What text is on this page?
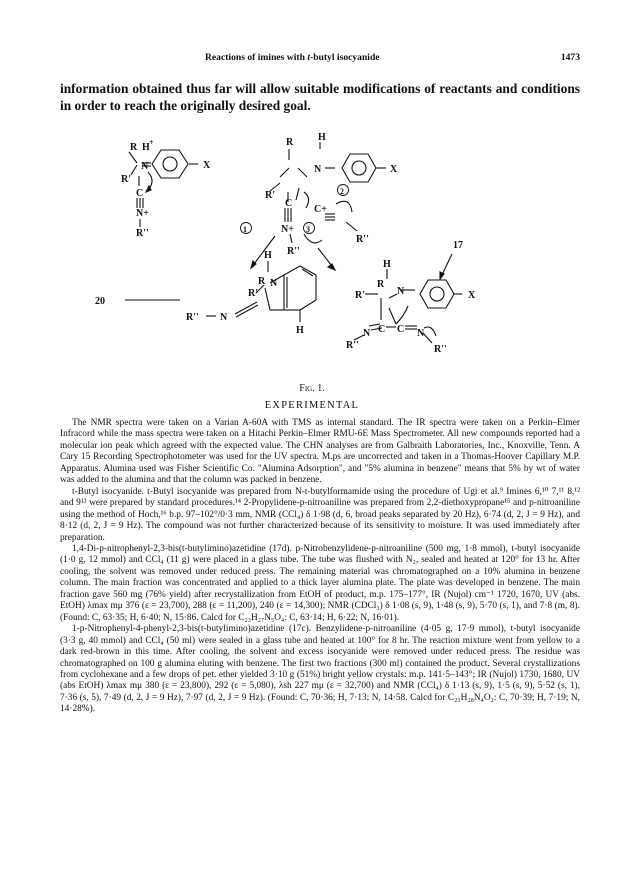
Reactions of imines with t-butyl isocyanide	1473
information obtained thus far will allow suitable modifications of reactants and conditions in order to reach the originally desired goal.
R H +
N
R'
X
C
N+
R''
R H
N
R'
X
C
N+
R''
C+
R''
2
1	3
17
20
H
R
R'
N
R'' N
H
H
R
R'	N	X
C C
N
R''
N
R''
Fig. 1.
EXPERIMENTAL

The NMR spectra were taken on a Varian A-60A with TMS as internal standard. The IR spectra were taken on a Perkin–Elmer Infracord while the mass spectra were taken on a Hitachi Perkin–Elmer RMU-6E Mass Spectrometer. All new compounds reported had a molecular ion peak which agreed with the expected value. The CHN analyses are from Galbraith Laboratories, Inc., Knoxville, Tenn. A Cary 15 Recording Spectrophotometer was used for the UV spectra. M.ps are uncorrected and taken in a Thomas-Hoover Capillary M.P. Apparatus. Alumina used was Fisher Scientific Co. "Alumina Adsorption", and "5% alumina in benzene" means that 5% by wt of water was added to the alumina and that the column was packed in benzene.

t-Butyl isocyanide. t-Butyl isocyanide was prepared from N-t-butylformamide using the procedure of Ugi et al.⁹ Imines 6,¹⁰ 7,¹¹ 8,¹² and 9¹³ were prepared by standard procedures.¹⁴ 2-Propylidene-p-nitroaniline was prepared from 2,2-diethoxypropane¹⁵ and p-nitroaniline using the method of Hoch,¹⁶ b.p. 97–102°/0·3 mm, NMR (CCl₄) δ 1·98 (d, 6, broad peaks separated by 20 Hz), 6·74 (d, 2, J = 9 Hz), and 8·12 (d, 2, J = 9 Hz). The compound was not further characterized because of its sensitivity to moisture. It was used immediately after preparation.

1,4-Di-p-nitrophenyl-2,3-bis(t-butylimino)azetidine (17d). p-Nitrobenzylidene-p-nitroaniline (500 mg, 1·8 mmol), t-butyl isocyanide (1·0 g, 12 mmol) and CCl₄ (11 g) were placed in a glass tube. The tube was flushed with N₂, sealed and heated at 120° for 13 hr. After cooling, the solvent was removed under reduced press. The remaining material was chromatographed on a 10% alumina in benzene column. The main fraction was concentrated and applied to a thick layer alumina plate. The plate was developed in benzene. The main fraction gave 560 mg (76% yield) after recrystallization from EtOH of product, m.p. 175–177°, IR (Nujol) cm⁻¹ 1720, 1670, UV (abs. EtOH) λmax mμ 376 (ε = 23,700), 288 (ε = 11,200), 240 (ε = 14,300); NMR (CDCl₃) δ 1·08 (s, 9), 1·48 (s, 9), 5·70 (s, 1), and 7·8 (m, 8). (Found: C, 63·35; H, 6·40; N, 15·86. Calcd for C₂₃H₂₇N₅O₄: C, 63·14; H, 6·22; N, 16·01).

1-p-Nitrophenyl-4-phenyl-2,3-bis(t-butylimino)azetidine (17c). Benzylidene-p-nitroaniline (4·05 g, 17·9 mmol), t-butyl isocyanide (3·3 g, 40 mmol) and CCl₄ (50 ml) were sealed in a glass tube and heated at 100° for 8 hr. The reaction mixture went from yellow to a dark red-brown in this time. After cooling, the solvent and excess isocyanide were removed under reduced press. The residue was chromatographed on 100 g alumina eluting with benzene. The first two fractions (300 ml) contained the product. Several crystallizations from cyclohexane and a few drops of pet. ether yielded 3·10 g (51%) bright yellow crystals: m.p. 141·5–143°; IR (Nujol) 1730, 1680, UV (abs EtOH) λmax mμ 380 (ε = 23,800), 292 (ε = 5,080), λsh 227 mμ (ε = 32,700) and NMR (CCl₄) δ 1·13 (s, 9), 1·5 (s, 9), 5·52 (s, 1), 7·36 (s, 5), 7·49 (d, 2, J = 9 Hz), 7·97 (d, 2, J = 9 Hz). (Found: C, 70·36; H, 7·13; N, 14·58. Calcd for C₂₃H₂₈N₄O₂: C, 70·39; H, 7·19; N, 14·28%).
